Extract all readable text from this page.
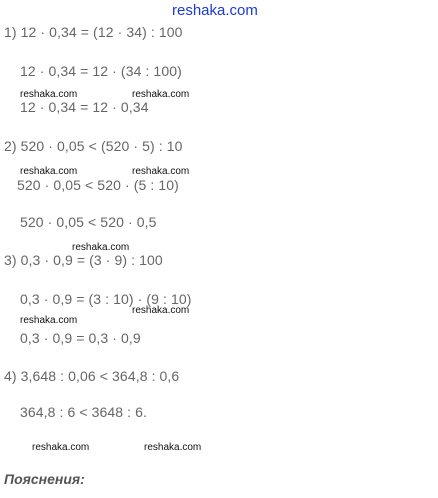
reshaka.com
1) 12 · 0,34 = (12 · 34) : 100
12 · 0,34 = 12 · (34 : 100)
reshaka.com	reshaka.com
12 · 0,34 = 12 · 0,34
2) 520 · 0,05 < (520 · 5) : 10
reshaka.com	reshaka.com
520 · 0,05 < 520 · (5 : 10)
520 · 0,05 < 520 · 0,5
reshaka.com
3) 0,3 · 0,9 = (3 · 9) : 100
0,3 · 0,9 = (3 : 10) · (9 : 10)
reshaka.com
reshaka.com
0,3 · 0,9 = 0,3 · 0,9
4) 3,648 : 0,06 < 364,8 : 0,6
364,8 : 6 < 3648 : 6.
reshaka.com	reshaka.com
Пояснения:
